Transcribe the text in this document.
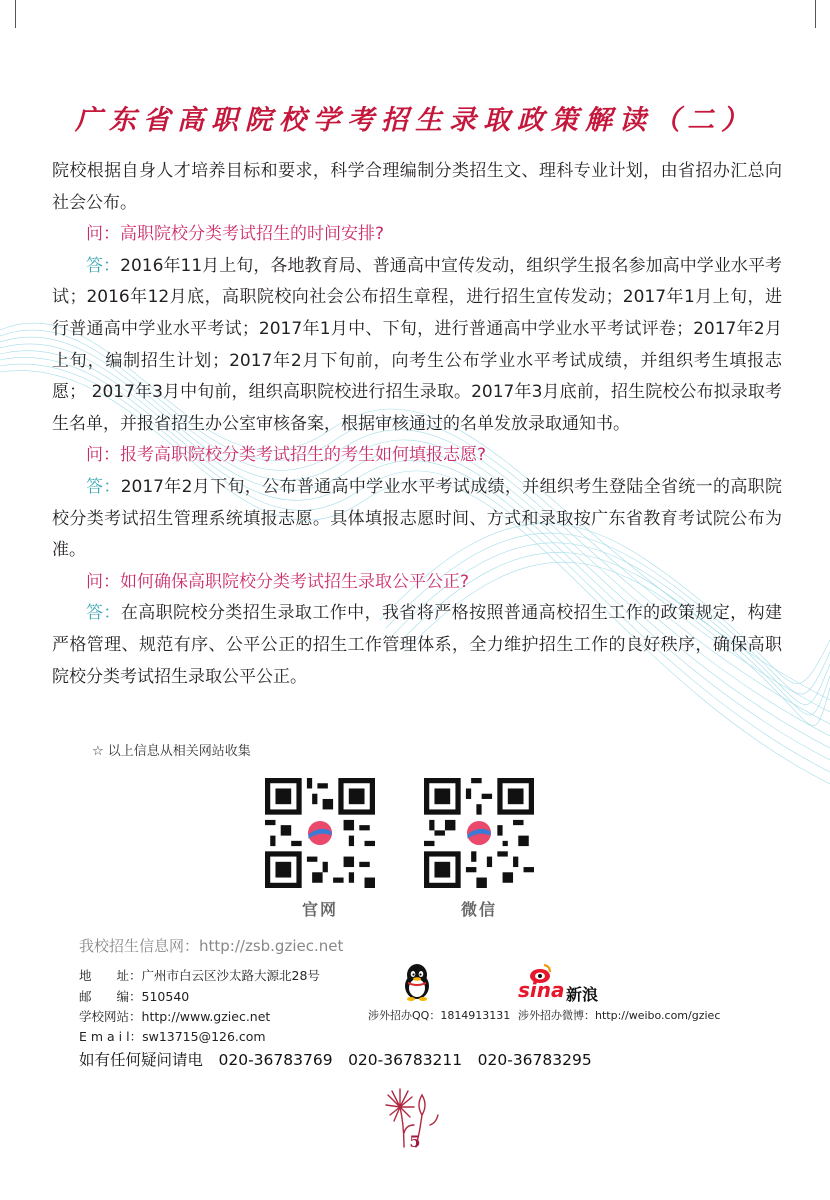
广东省高职院校学考招生录取政策解读（二）

院校根据自身人才培养目标和要求，科学合理编制分类招生文、理科专业计划，由省招办汇总向社会公布。

问：高职院校分类考试招生的时间安排?

答：2016年11月上旬，各地教育局、普通高中宣传发动，组织学生报名参加高中学业水平考试；2016年12月底，高职院校向社会公布招生章程，进行招生宣传发动；2017年1月上旬，进行普通高中学业水平考试；2017年1月中、下旬，进行普通高中学业水平考试评卷；2017年2月上旬，编制招生计划；2017年2月下旬前，向考生公布学业水平考试成绩，并组织考生填报志愿； 2017年3月中旬前，组织高职院校进行招生录取。2017年3月底前，招生院校公布拟录取考生名单，并报省招生办公室审核备案，根据审核通过的名单发放录取通知书。

问：报考高职院校分类考试招生的考生如何填报志愿?

答：2017年2月下旬，公布普通高中学业水平考试成绩，并组织考生登陆全省统一的高职院校分类考试招生管理系统填报志愿。具体填报志愿时间、方式和录取按广东省教育考试院公布为准。

问：如何确保高职院校分类考试招生录取公平公正?

答：在高职院校分类招生录取工作中，我省将严格按照普通高校招生工作的政策规定，构建严格管理、规范有序、公平公正的招生工作管理体系，全力维护招生工作的良好秩序，确保高职院校分类考试招生录取公平公正。

☆ 以上信息从相关网站收集
官网	微信
我校招生信息网：http://zsb.gziec.net
地　　址：广州市白云区沙太路大源北28号
邮　　编：510540
学校网站：http://www.gziec.net
E m a i l：sw13715@126.com
涉外招办QQ：1814913131
sina 新浪
涉外招办微博：http://weibo.com/gziec
如有任何疑问请电　020-36783769　020-36783211　020-36783295
5
